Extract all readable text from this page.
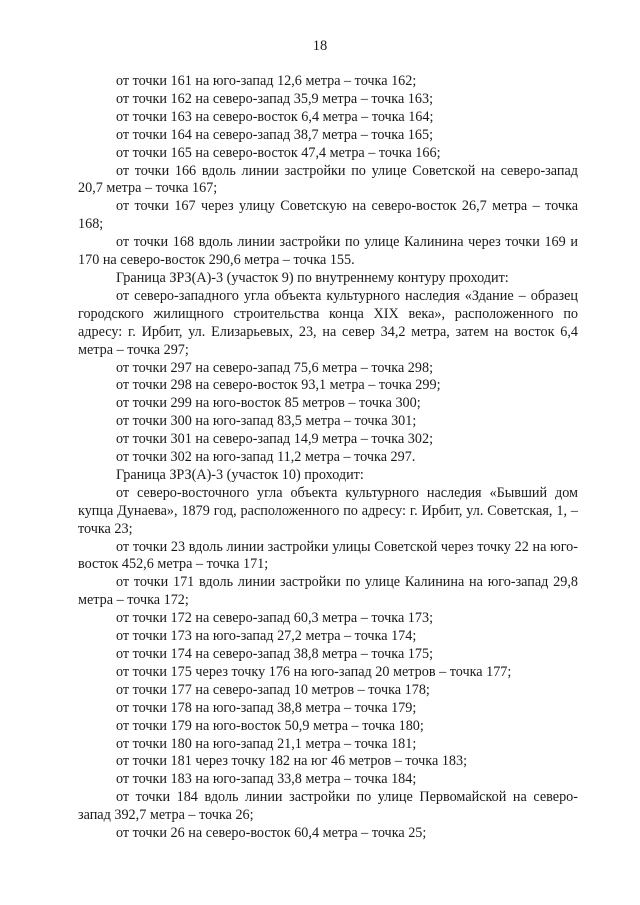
18

от точки 161 на юго-запад 12,6 метра – точка 162;

от точки 162 на северо-запад 35,9 метра – точка 163;

от точки 163 на северо-восток 6,4 метра – точка 164;

от точки 164 на северо-запад 38,7 метра – точка 165;

от точки 165 на северо-восток 47,4 метра – точка 166;

от точки 166 вдоль линии застройки по улице Советской на северо-запад 20,7 метра – точка 167;

от точки 167 через улицу Советскую на северо-восток 26,7 метра – точка 168;

от точки 168 вдоль линии застройки по улице Калинина через точки 169 и 170 на северо-восток 290,6 метра – точка 155.

Граница ЗРЗ(А)-3 (участок 9) по внутреннему контуру проходит:

от северо-западного угла объекта культурного наследия «Здание – образец городского жилищного строительства конца XIX века», расположенного по адресу: г. Ирбит, ул. Елизарьевых, 23, на север 34,2 метра, затем на восток 6,4 метра – точка 297;

от точки 297 на северо-запад 75,6 метра – точка 298;

от точки 298 на северо-восток 93,1 метра – точка 299;

от точки 299 на юго-восток 85 метров – точка 300;

от точки 300 на юго-запад 83,5 метра – точка 301;

от точки 301 на северо-запад 14,9 метра – точка 302;

от точки 302 на юго-запад 11,2 метра – точка 297.

Граница ЗРЗ(А)-3 (участок 10) проходит:

от северо-восточного угла объекта культурного наследия «Бывший дом купца Дунаева», 1879 год, расположенного по адресу: г. Ирбит, ул. Советская, 1, – точка 23;

от точки 23 вдоль линии застройки улицы Советской через точку 22 на юго-восток 452,6 метра – точка 171;

от точки 171 вдоль линии застройки по улице Калинина на юго-запад 29,8 метра – точка 172;

от точки 172 на северо-запад 60,3 метра – точка 173;

от точки 173 на юго-запад 27,2 метра – точка 174;

от точки 174 на северо-запад 38,8 метра – точка 175;

от точки 175 через точку 176 на юго-запад 20 метров – точка 177;

от точки 177 на северо-запад 10 метров – точка 178;

от точки 178 на юго-запад 38,8 метра – точка 179;

от точки 179 на юго-восток 50,9 метра – точка 180;

от точки 180 на юго-запад 21,1 метра – точка 181;

от точки 181 через точку 182 на юг 46 метров – точка 183;

от точки 183 на юго-запад 33,8 метра – точка 184;

от точки 184 вдоль линии застройки по улице Первомайской на северо-запад 392,7 метра – точка 26;

от точки 26 на северо-восток 60,4 метра – точка 25;
